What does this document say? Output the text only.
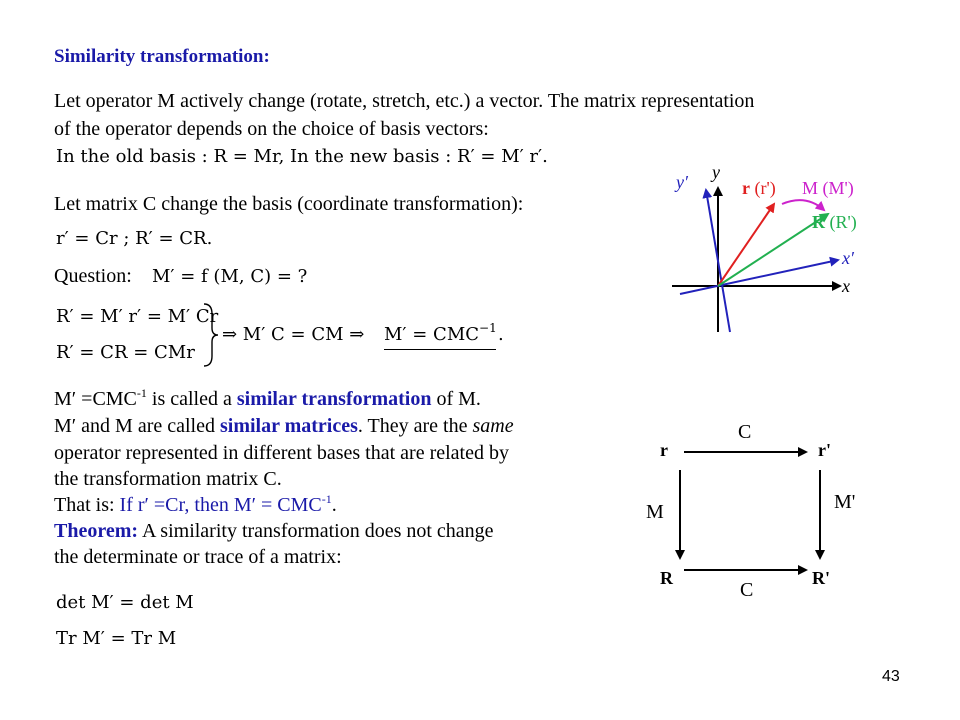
Similarity transformation:
Let operator M actively change (rotate, stretch, etc.) a vector. The matrix representation
of the operator depends on the choice of basis vectors:
In the old basis : R = Mr, In the new basis : R′ = M′ r′.
Let matrix C change the basis (coordinate transformation):
r′ = Cr ; R′ = CR.
Question: M′ = f (M, C) = ?
R′ = M′ r′ = M′ Cr
R′ = CR = CMr
⇒ M′ C = CM ⇒ $M' = CMC^{-1}$ .
$M' =CMC^{-1}$ is called a similar transformation of M.
M′ and M are called similar matrices. They are the same
operator represented in different bases that are related by
the transformation matrix C.
That is: If r′ =Cr, then $M' = CMC^{-1}$.
Theorem: A similarity transformation does not change
the determinate or trace of a matrix:
det M′ = det M
Tr M′ = Tr M
y
y′
x
x′
r (r') M (M')
R (R')
C
r	r'
M	M'
R	R'
C
43
